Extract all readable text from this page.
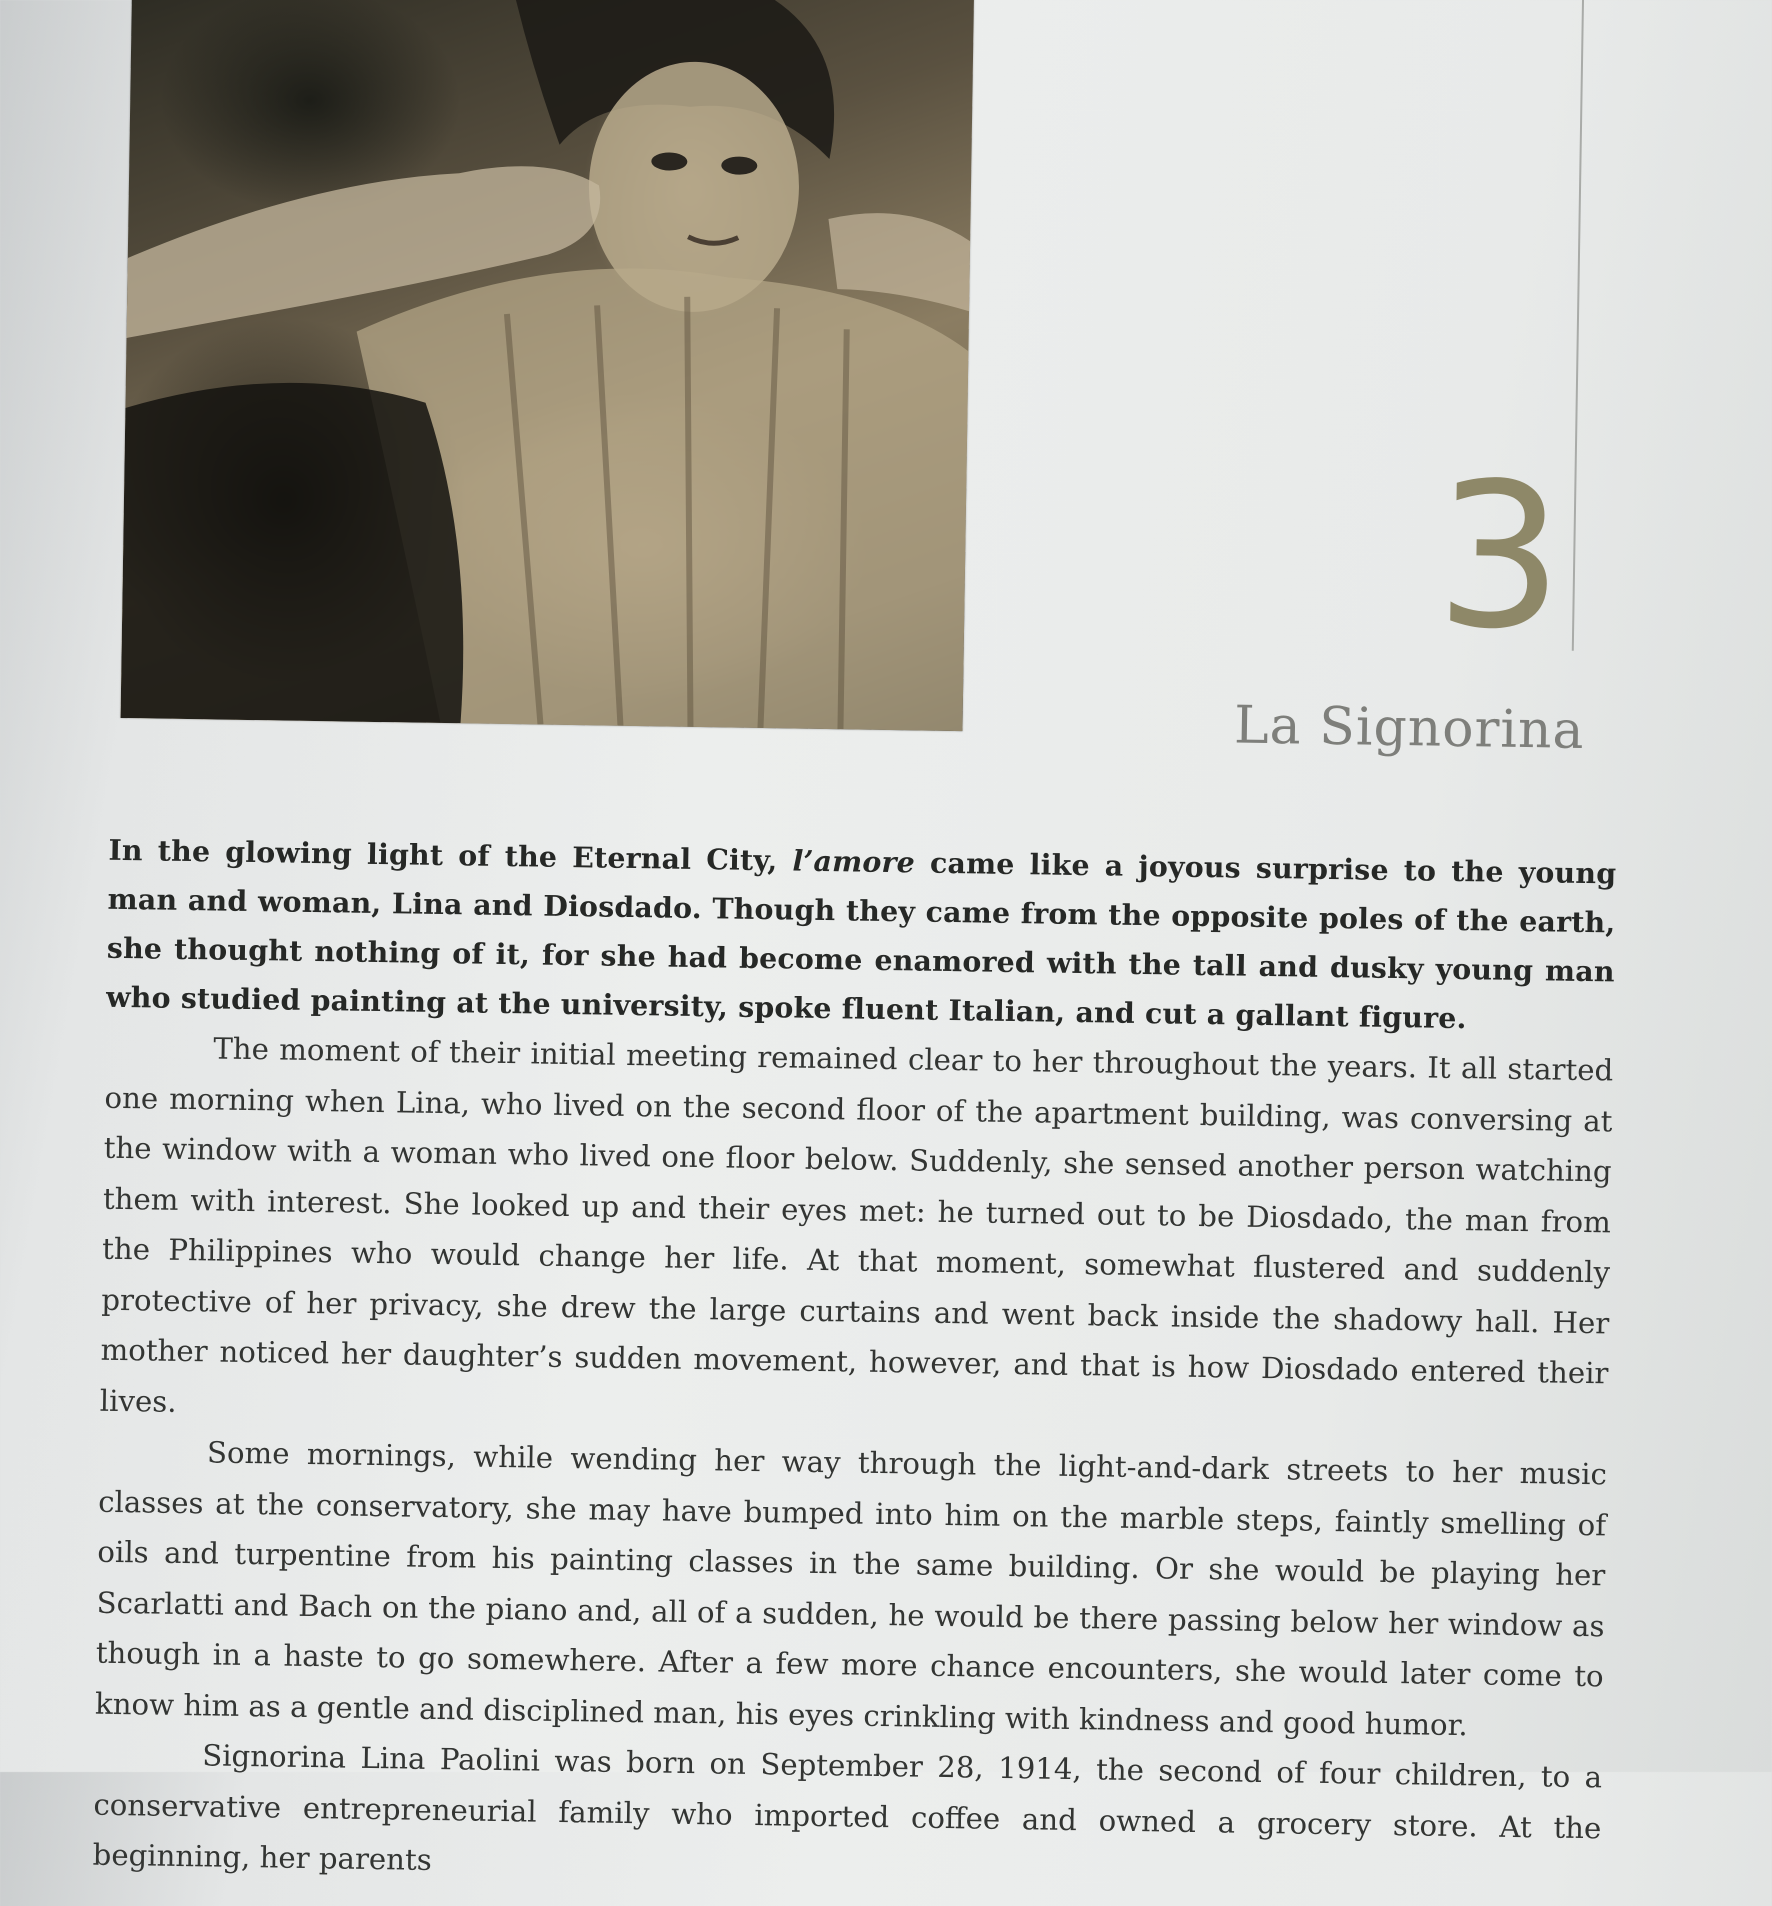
3
La Signorina

In the glowing light of the Eternal City, l’amore came like a joyous surprise to the young man and woman, Lina and Diosdado. Though they came from the opposite poles of the earth, she thought nothing of it, for she had become enamored with the tall and dusky young man who studied painting at the university, spoke fluent Italian, and cut a gallant figure.

The moment of their initial meeting remained clear to her throughout the years. It all started one morning when Lina, who lived on the second floor of the apartment building, was conversing at the window with a woman who lived one floor below. Suddenly, she sensed another person watching them with interest. She looked up and their eyes met: he turned out to be Diosdado, the man from the Philippines who would change her life. At that moment, somewhat flustered and suddenly protective of her privacy, she drew the large curtains and went back inside the shadowy hall. Her mother noticed her daughter’s sudden movement, however, and that is how Diosdado entered their lives.

Some mornings, while wending her way through the light-and-dark streets to her music classes at the conservatory, she may have bumped into him on the marble steps, faintly smelling of oils and turpentine from his painting classes in the same building. Or she would be playing her Scarlatti and Bach on the piano and, all of a sudden, he would be there passing below her window as though in a haste to go somewhere. After a few more chance encounters, she would later come to know him as a gentle and disciplined man, his eyes crinkling with kindness and good humor.

Signorina Lina Paolini was born on September 28, 1914, the second of four children, to a conservative entrepreneurial family who imported coffee and owned a grocery store. At the beginning, her parents
